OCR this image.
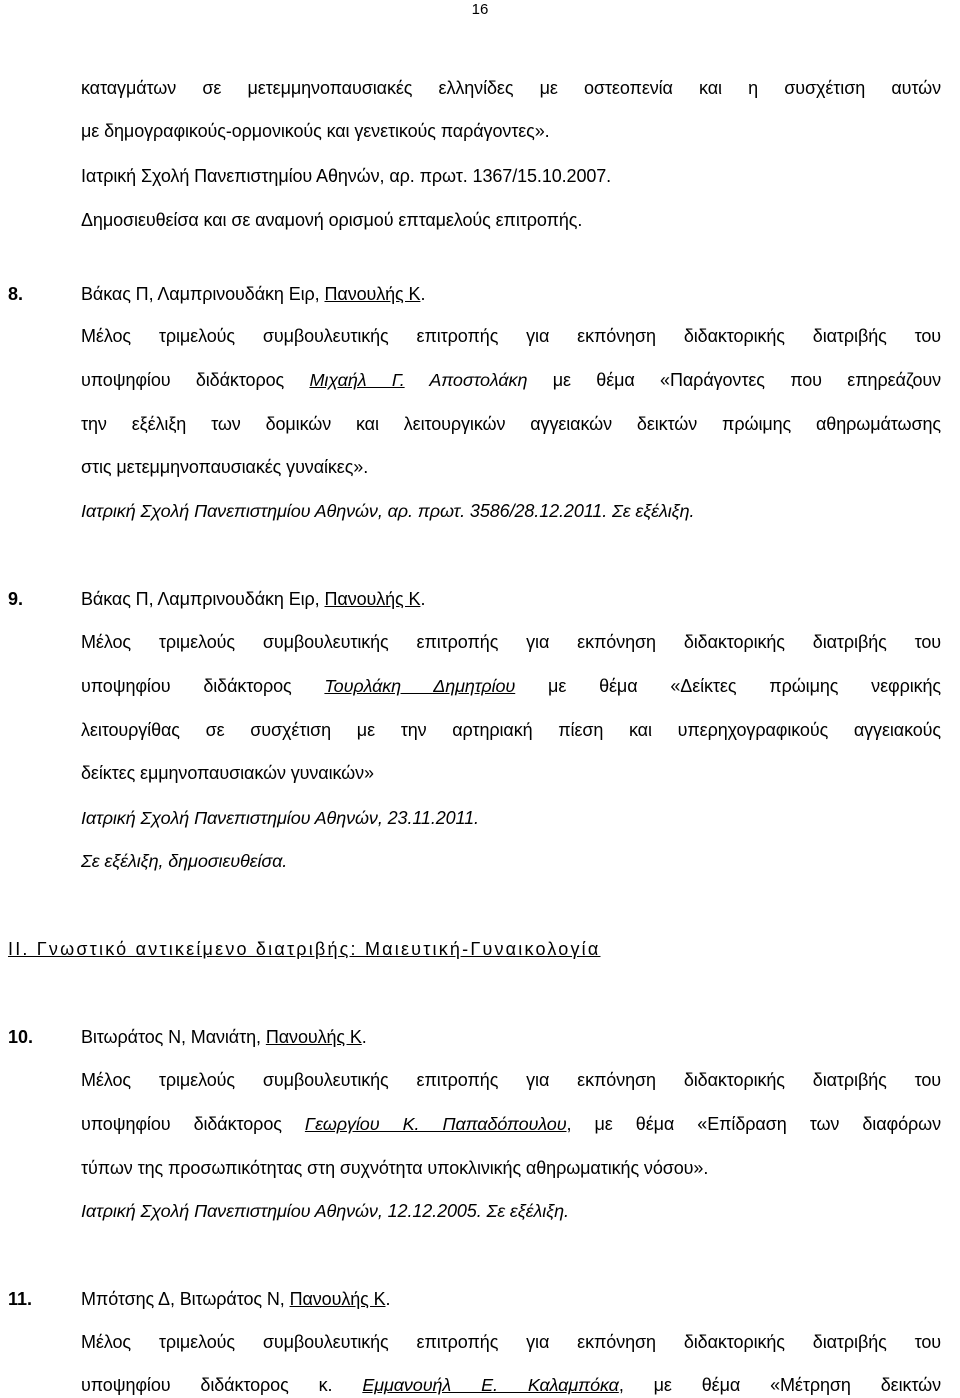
16
καταγμάτων σε μετεμμηνοπαυσιακές ελληνίδες με οστεοπενία και η συσχέτιση αυτών
με δημογραφικούς-ορμονικούς και γενετικούς παράγοντες».
Ιατρική Σχολή Πανεπιστημίου Αθηνών, αρ. πρωτ. 1367/15.10.2007.
Δημοσιευθείσα και σε αναμονή ορισμού επταμελούς επιτροπής.
8.	Βάκας Π, Λαμπρινουδάκη Ειρ, Πανουλής Κ.
Μέλος τριμελούς συμβουλευτικής επιτροπής για εκπόνηση διδακτορικής διατριβής του
υποψηφίου διδάκτορος Μιχαήλ Γ. Αποστολάκη με θέμα «Παράγοντες που επηρεάζουν
την εξέλιξη των δομικών και λειτουργικών αγγειακών δεικτών πρώιμης αθηρωμάτωσης
στις μετεμμηνοπαυσιακές γυναίκες».
Ιατρική Σχολή Πανεπιστημίου Αθηνών, αρ. πρωτ. 3586/28.12.2011. Σε εξέλιξη.
9.	Βάκας Π, Λαμπρινουδάκη Ειρ, Πανουλής Κ.
Μέλος τριμελούς συμβουλευτικής επιτροπής για εκπόνηση διδακτορικής διατριβής του
υποψηφίου διδάκτορος Τουρλάκη Δημητρίου με θέμα «Δείκτες πρώιμης νεφρικής
λειτουργίθας σε συσχέτιση με την αρτηριακή πίεση και υπερηχογραφικούς αγγειακούς
δείκτες εμμηνοπαυσιακών γυναικών»
Ιατρική Σχολή Πανεπιστημίου Αθηνών, 23.11.2011.
Σε εξέλιξη, δημοσιευθείσα.
ΙΙ. Γνωστικό αντικείμενο διατριβής: Μαιευτική-Γυναικολογία
10.	Βιτωράτος Ν, Μανιάτη, Πανουλής Κ.
Μέλος τριμελούς συμβουλευτικής επιτροπής για εκπόνηση διδακτορικής διατριβής του
υποψηφίου διδάκτορος Γεωργίου Κ. Παπαδόπουλου, με θέμα «Επίδραση των διαφόρων
τύπων της προσωπικότητας στη συχνότητα υποκλινικής αθηρωματικής νόσου».
Ιατρική Σχολή Πανεπιστημίου Αθηνών, 12.12.2005. Σε εξέλιξη.
11.	Μπότσης Δ, Βιτωράτος Ν, Πανουλής Κ.
Μέλος τριμελούς συμβουλευτικής επιτροπής για εκπόνηση διδακτορικής διατριβής του
υποψηφίου διδάκτορος κ. Εμμανουήλ Ε. Καλαμπόκα, με θέμα «Μέτρηση δεικτών
